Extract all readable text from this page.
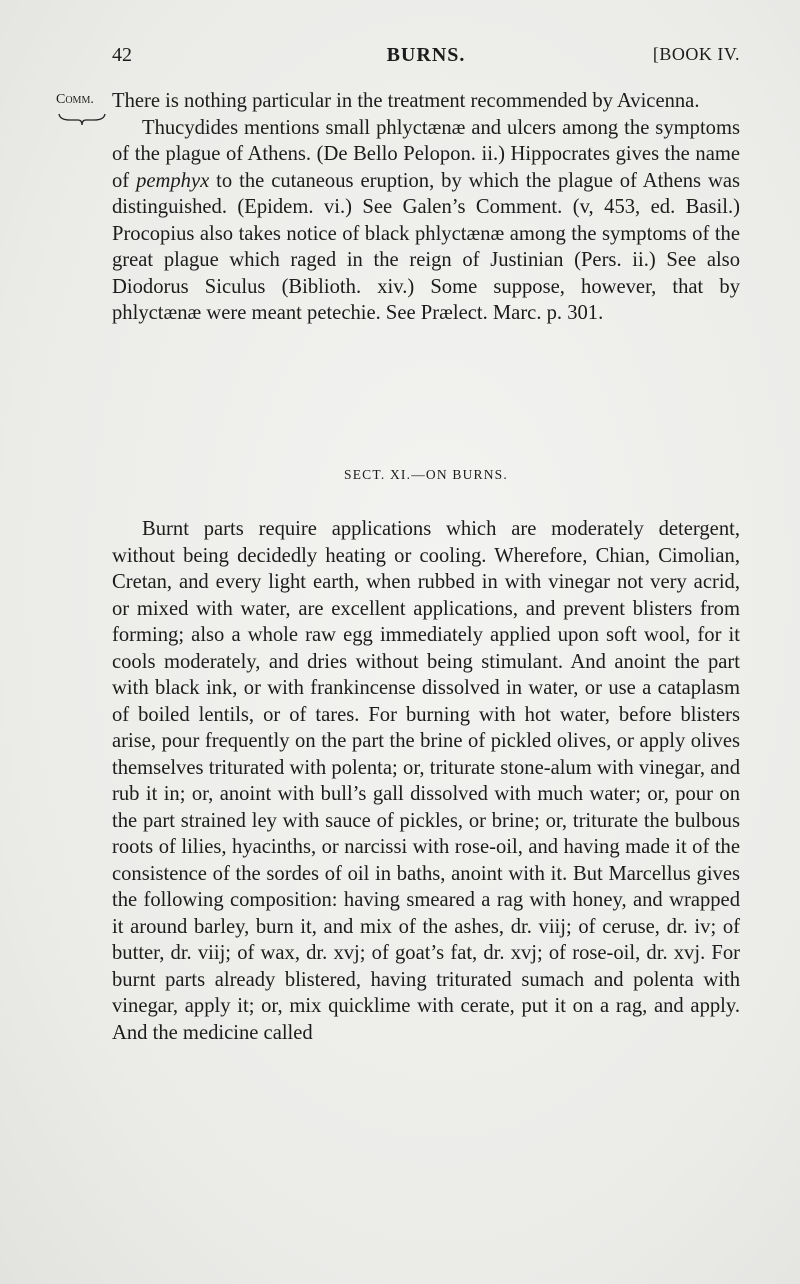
42	BURNS.	[BOOK IV.
Comm. There is nothing particular in the treatment recommended by Avicenna.

Thucydides mentions small phlyctænæ and ulcers among the symptoms of the plague of Athens. (De Bello Pelopon. ii.) Hippocrates gives the name of pemphyx to the cutaneous eruption, by which the plague of Athens was distinguished. (Epidem. vi.) See Galen’s Comment. (v, 453, ed. Basil.) Procopius also takes notice of black phlyctænæ among the symptoms of the great plague which raged in the reign of Justinian (Pers. ii.) See also Diodorus Siculus (Biblioth. xiv.) Some suppose, however, that by phlyctænæ were meant petechie. See Prælect. Marc. p. 301.

SECT. XI.—ON BURNS.

Burnt parts require applications which are moderately detergent, without being decidedly heating or cooling. Wherefore, Chian, Cimolian, Cretan, and every light earth, when rubbed in with vinegar not very acrid, or mixed with water, are excellent applications, and prevent blisters from forming; also a whole raw egg immediately applied upon soft wool, for it cools moderately, and dries without being stimulant. And anoint the part with black ink, or with frankincense dissolved in water, or use a cataplasm of boiled lentils, or of tares. For burning with hot water, before blisters arise, pour frequently on the part the brine of pickled olives, or apply olives themselves triturated with polenta; or, triturate stone-alum with vinegar, and rub it in; or, anoint with bull’s gall dissolved with much water; or, pour on the part strained ley with sauce of pickles, or brine; or, triturate the bulbous roots of lilies, hyacinths, or narcissi with rose-oil, and having made it of the consistence of the sordes of oil in baths, anoint with it. But Marcellus gives the following composition: having smeared a rag with honey, and wrapped it around barley, burn it, and mix of the ashes, dr. viij; of ceruse, dr. iv; of butter, dr. viij; of wax, dr. xvj; of goat’s fat, dr. xvj; of rose-oil, dr. xvj. For burnt parts already blistered, having triturated sumach and polenta with vinegar, apply it; or, mix quicklime with cerate, put it on a rag, and apply. And the medicine called
